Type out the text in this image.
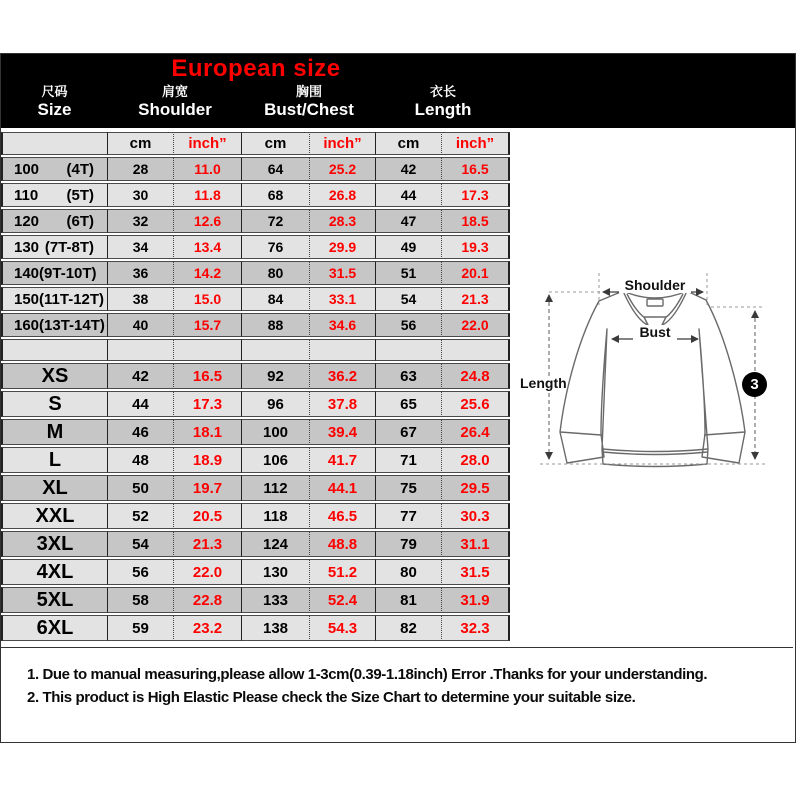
European size
尺码
Size
肩宽
Shoulder
胸围
Bust/Chest
衣长
Length
	cm	inch”	cm	inch”	cm	inch”

100 (4T)	28	11.0	64	25.2	42	16.5

110 (5T)	30	11.8	68	26.8	44	17.3

120 (6T)	32	12.6	72	28.3	47	18.5

130 (7T-8T)	34	13.4	76	29.9	49	19.3

140 (9T-10T)	36	14.2	80	31.5	51	20.1

150 (11T-12T)	38	15.0	84	33.1	54	21.3

160 (13T-14T)	40	15.7	88	34.6	56	22.0

XS	42	16.5	92	36.2	63	24.8
S	44	17.3	96	37.8	65	25.6
M	46	18.1	100	39.4	67	26.4
L	48	18.9	106	41.7	71	28.0
XL	50	19.7	112	44.1	75	29.5
XXL	52	20.5	118	46.5	77	30.3
3XL	54	21.3	124	48.8	79	31.1
4XL	56	22.0	130	51.2	80	31.5
5XL	58	22.8	133	52.4	81	31.9
6XL	59	23.2	138	54.3	82	32.3
Shoulder
Bust
Length	3

1. Due to manual measuring,please allow 1-3cm(0.39-1.18inch) Error .Thanks for your understanding.

2. This product is High Elastic Please check the Size Chart to determine your suitable size.
